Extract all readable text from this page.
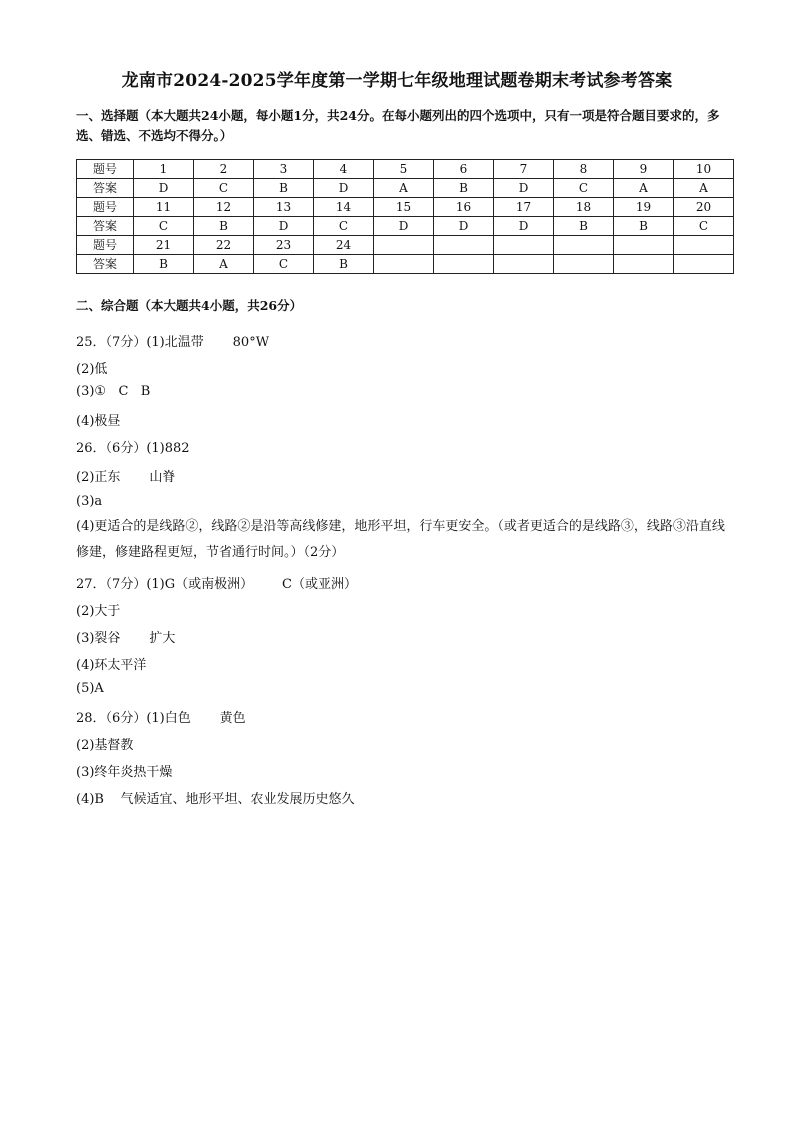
龙南市2024-2025学年度第一学期七年级地理试题卷期末考试参考答案
一、选择题（本大题共24小题，每小题1分，共24分。在每小题列出的四个选项中，只有一项是符合题目要求的，多选、错选、不选均不得分。）
题号	1	2	3	4	5	6	7	8	9	10
答案	D	C	B	D	A	B	D	C	A	A
题号	11	12	13	14	15	16	17	18	19	20
答案	C	B	D	C	D	D	D	B	B	C
题号	21	22	23	24						
答案	B	A	C	B						
二、综合题（本大题共4小题，共26分）
25．（7分）(1)北温带       80°W
(2)低
(3)①   C   B
(4)极昼
26．（6分）(1)882
(2)正东       山脊
(3)a
(4)更适合的是线路②，线路②是沿等高线修建，地形平坦，行车更安全。（或者更适合的是线路③，线路③沿直线修建，修建路程更短，节省通行时间。）（2分）
27．（7分）(1)G（或南极洲）       C（或亚洲）
(2)大于
(3)裂谷       扩大
(4)环太平洋
(5)A
28．（6分）(1)白色       黄色
(2)基督教
(3)终年炎热干燥
(4)B    气候适宜、地形平坦、农业发展历史悠久
